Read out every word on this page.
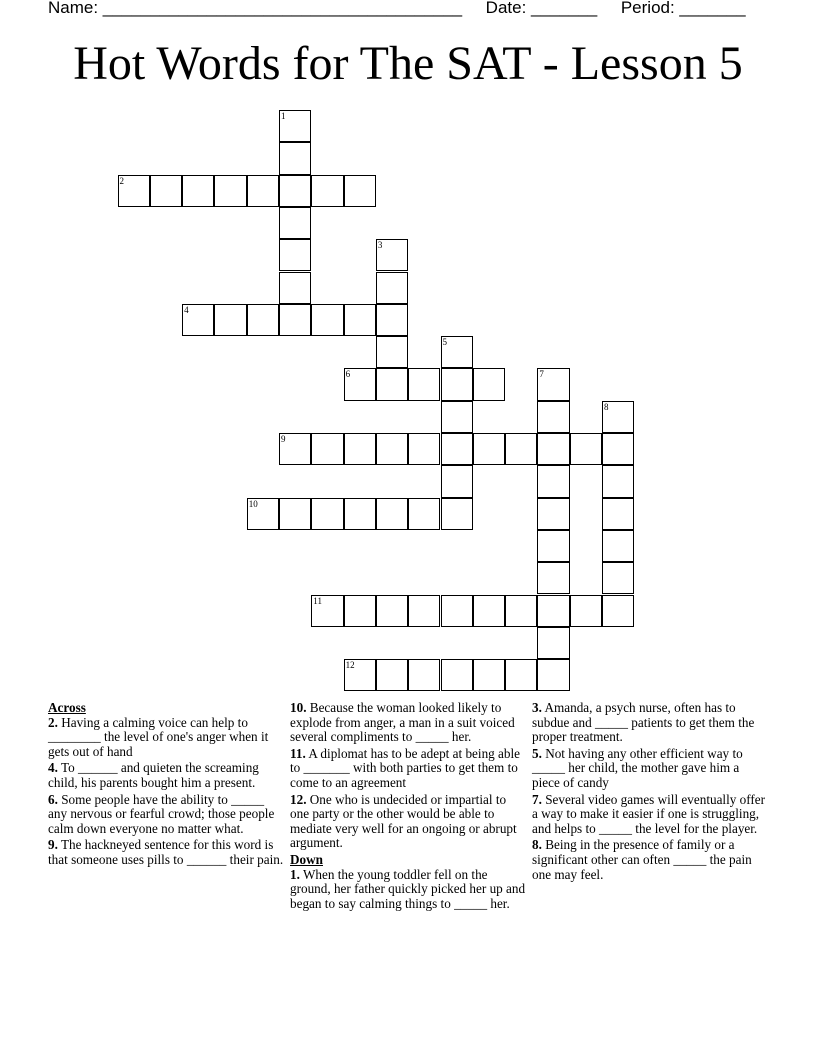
Name: ______________________________________     Date: _______     Period: _______
Hot Words for The SAT - Lesson 5
1
2
3
4
5
6	7
8
9
10
11
12
Across
2. Having a calming voice can help to ________ the level of one's anger when it gets out of hand
4. To ______ and quieten the screaming child, his parents bought him a present.
6. Some people have the ability to _____ any nervous or fearful crowd; those people calm down everyone no matter what.
9. The hackneyed sentence for this word is that someone uses pills to ______ their pain.
10. Because the woman looked likely to explode from anger, a man in a suit voiced several compliments to _____ her.
11. A diplomat has to be adept at being able to _______ with both parties to get them to come to an agreement
12. One who is undecided or impartial to one party or the other would be able to mediate very well for an ongoing or abrupt argument.
Down
1. When the young toddler fell on the ground, her father quickly picked her up and began to say calming things to _____ her.
3. Amanda, a psych nurse, often has to subdue and _____ patients to get them the proper treatment.
5. Not having any other efficient way to _____ her child, the mother gave him a piece of candy
7. Several video games will eventually offer a way to make it easier if one is struggling, and helps to _____ the level for the player.
8. Being in the presence of family or a significant other can often _____ the pain one may feel.
